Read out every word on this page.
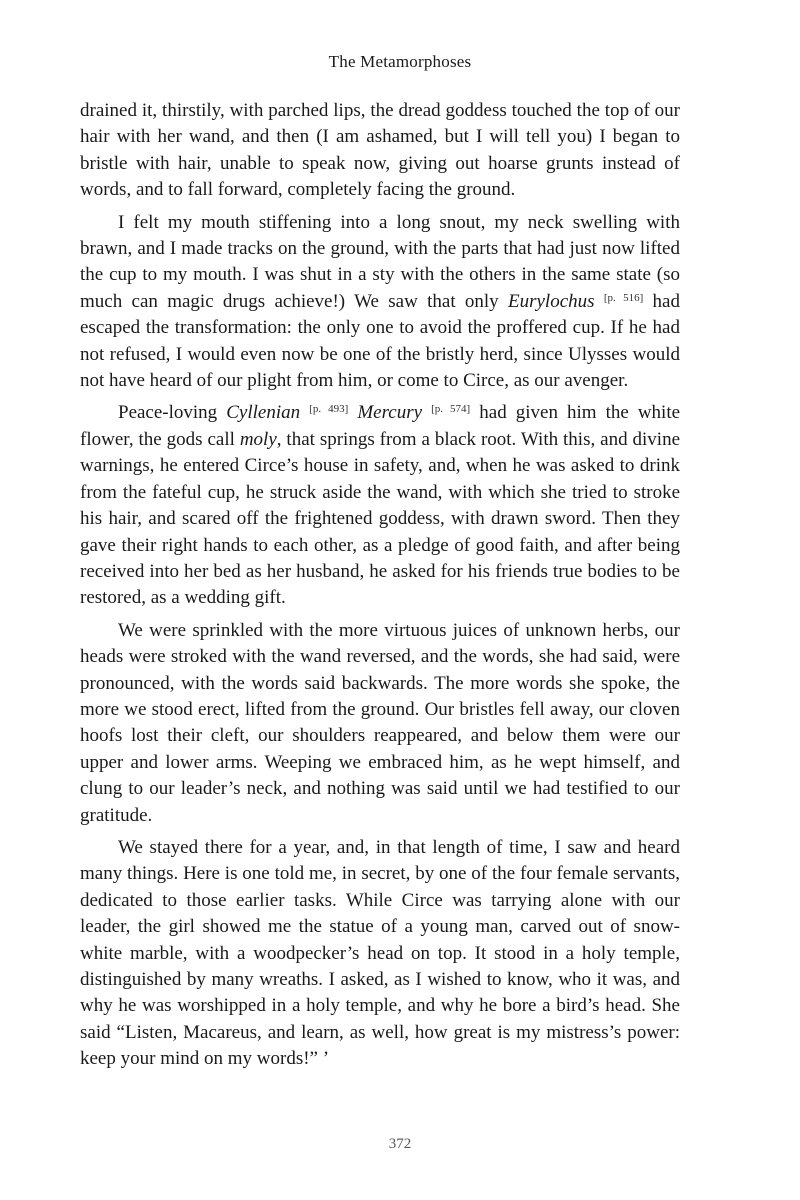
The Metamorphoses

drained it, thirstily, with parched lips, the dread goddess touched the top of our hair with her wand, and then (I am ashamed, but I will tell you) I began to bristle with hair, unable to speak now, giving out hoarse grunts instead of words, and to fall forward, completely facing the ground.

I felt my mouth stiffening into a long snout, my neck swelling with brawn, and I made tracks on the ground, with the parts that had just now lifted the cup to my mouth. I was shut in a sty with the others in the same state (so much can magic drugs achieve!) We saw that only Eurylochus [p. 516] had escaped the transformation: the only one to avoid the proffered cup. If he had not refused, I would even now be one of the bristly herd, since Ulysses would not have heard of our plight from him, or come to Circe, as our avenger.

Peace-loving Cyllenian [p. 493] Mercury [p. 574] had given him the white flower, the gods call moly, that springs from a black root. With this, and divine warnings, he entered Circe’s house in safety, and, when he was asked to drink from the fateful cup, he struck aside the wand, with which she tried to stroke his hair, and scared off the frightened goddess, with drawn sword. Then they gave their right hands to each other, as a pledge of good faith, and after being received into her bed as her husband, he asked for his friends true bodies to be restored, as a wedding gift.

We were sprinkled with the more virtuous juices of unknown herbs, our heads were stroked with the wand reversed, and the words, she had said, were pronounced, with the words said backwards. The more words she spoke, the more we stood erect, lifted from the ground. Our bristles fell away, our cloven hoofs lost their cleft, our shoulders reappeared, and below them were our upper and lower arms. Weeping we embraced him, as he wept himself, and clung to our leader’s neck, and nothing was said until we had testified to our gratitude.

We stayed there for a year, and, in that length of time, I saw and heard many things. Here is one told me, in secret, by one of the four female servants, dedicated to those earlier tasks. While Circe was tarrying alone with our leader, the girl showed me the statue of a young man, carved out of snow-white marble, with a woodpecker’s head on top. It stood in a holy temple, distinguished by many wreaths. I asked, as I wished to know, who it was, and why he was worshipped in a holy temple, and why he bore a bird’s head. She said “Listen, Macareus, and learn, as well, how great is my mistress’s power: keep your mind on my words!” ’

372
